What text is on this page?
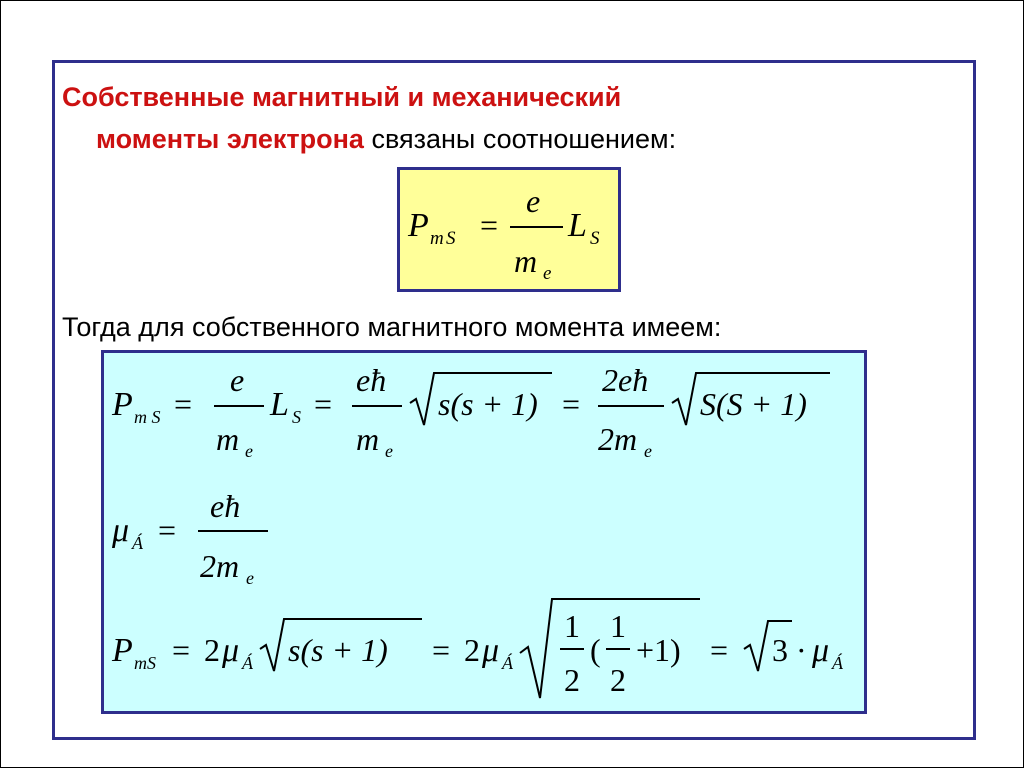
Собственные магнитный и механический
моменты электрона связаны соотношением:
P m S =
e
m e
L S
Тогда для собственного магнитного момента имеем:
P m S =
e
m e
L S =
eħ
m e
s(s + 1) =
2eħ
2m e
S(S + 1)
μ Á =
eħ
2m e
P mS = 2 μ Á s(s + 1) = 2 μ Á
1
2
(
1
2
+1) = 3 · μ Á
